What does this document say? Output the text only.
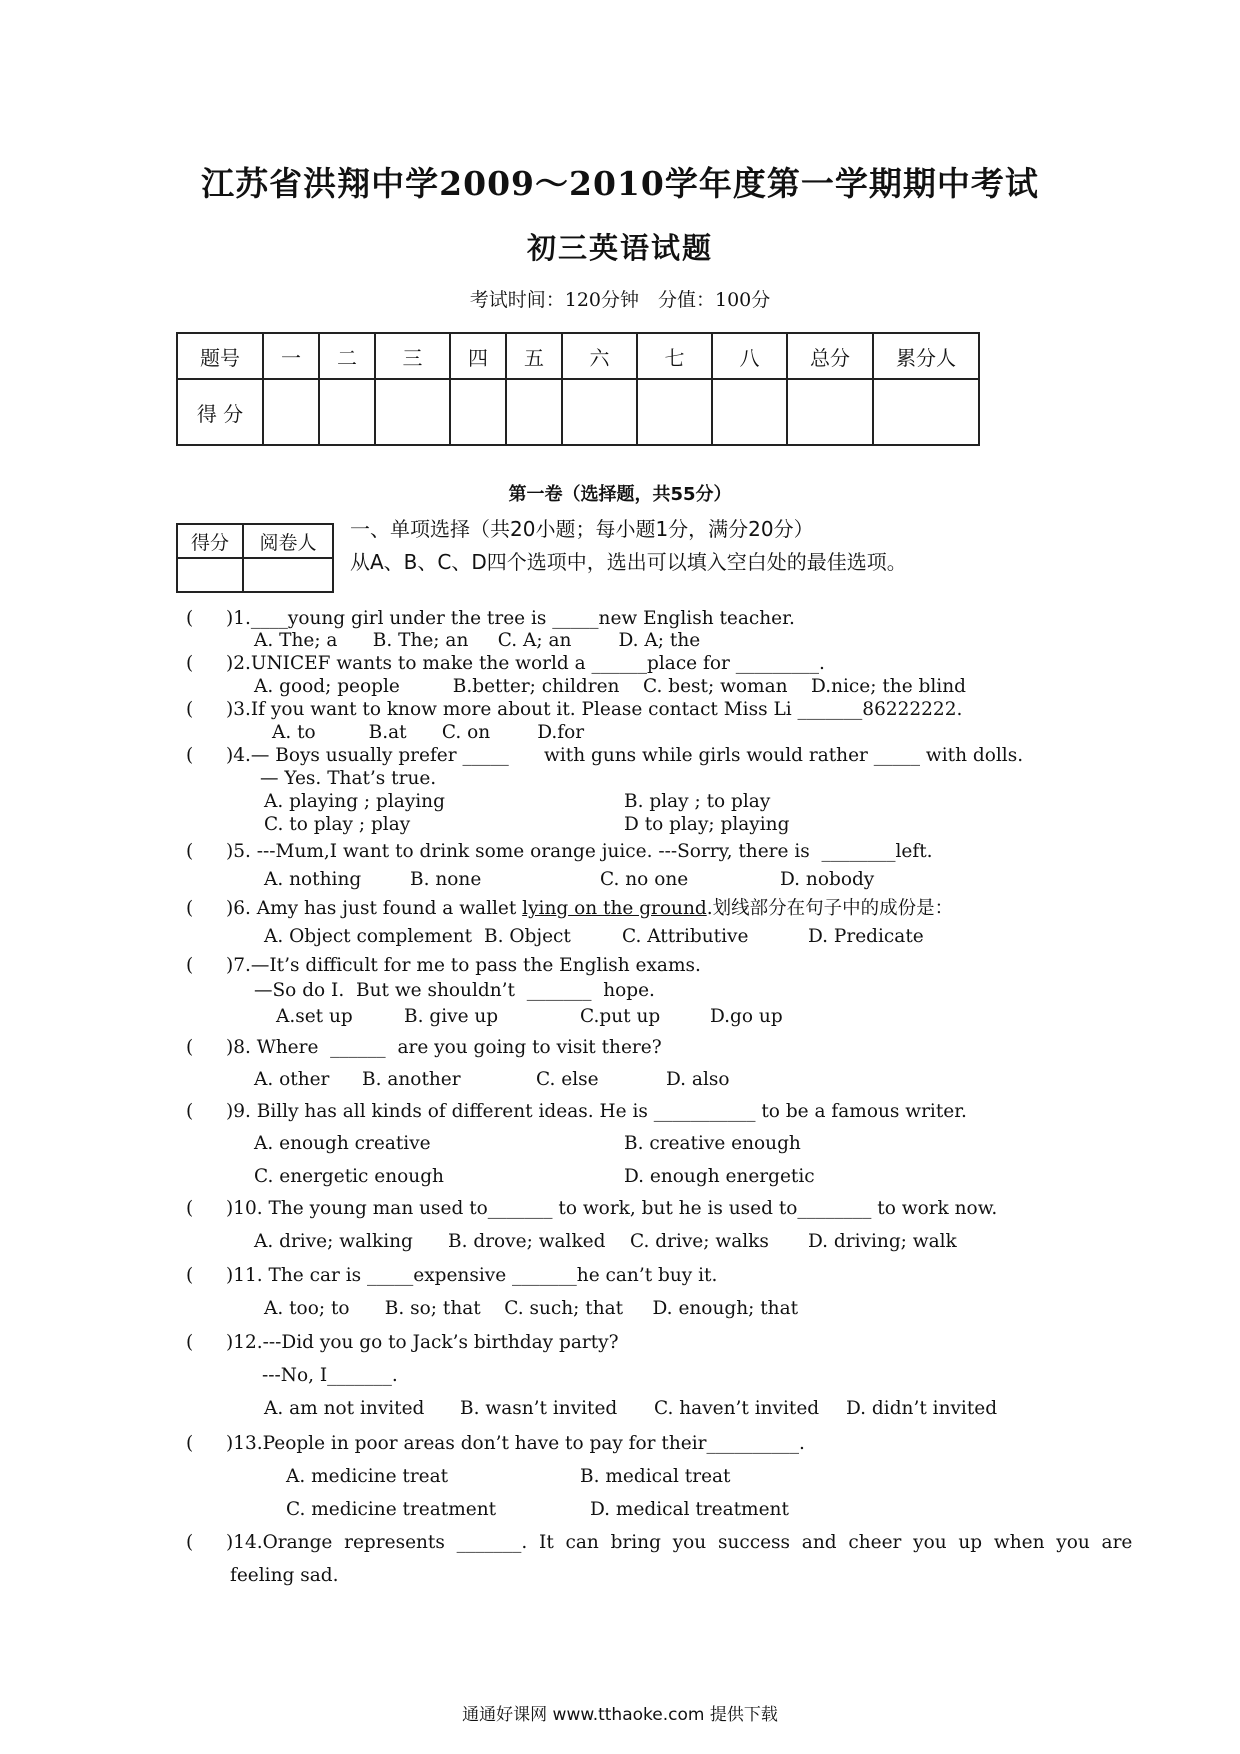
江苏省洪翔中学2009～2010学年度第一学期期中考试
初三英语试题
考试时间：120分钟　分值：100分
题号	一	二	三	四	五	六	七	八	总分	累分人
得 分										
第一卷（选择题，共55分）
得分	阅卷人

一、单项选择（共20小题；每小题1分，满分20分）
从A、B、C、D四个选项中，选出可以填入空白处的最佳选项。
( )1.____young girl under the tree is _____new English teacher.
A. The; a      B. The; an     C. A; an        D. A; the
( )2.UNICEF wants to make the world a ______place for _________.
A. good; people         B.better; children    C. best; woman    D.nice; the blind
( )3.If you want to know more about it. Please contact Miss Li _______86222222.
A. to         B.at      C. on        D.for
( )4.— Boys usually prefer _____      with guns while girls would rather _____ with dolls.
— Yes. That’s true.
A. playing ; playing	B. play ; to play
C. to play ; play	D to play; playing
( )5. ---Mum,I want to drink some orange juice. ---Sorry, there is  ________left.
A. nothing	B. none	C. no one	D. nobody
( )6. Amy has just found a wallet lying on the ground.划线部分在句子中的成份是：
A. Object complement B. Object	C. Attributive	D. Predicate
( )7.—It’s difficult for me to pass the English exams.
—So do I.  But we shouldn’t  _______  hope.
A.set up	B. give up	C.put up	D.go up
( )8. Where  ______  are you going to visit there?
A. other B. another	C. else	D. also
( )9. Billy has all kinds of different ideas. He is ___________ to be a famous writer.
A. enough creative	B. creative enough
C. energetic enough	D. enough energetic
( )10. The young man used to_______ to work, but he is used to________ to work now.
A. drive; walking B. drove; walked C. drive; walks D. driving; walk
( )11. The car is _____expensive _______he can’t buy it.
A. too; to      B. so; that    C. such; that     D. enough; that
( )12.---Did you go to Jack’s birthday party?
---No, I_______.
A. am not invited B. wasn’t invited C. haven’t invited D. didn’t invited
( )13.People in poor areas don’t have to pay for their__________.
A. medicine treat	B. medical treat
C. medicine treatment	D. medical treatment
( )14.Orange  represents  _______.  It  can  bring  you  success  and  cheer  you  up  when  you  are
feeling sad.
通通好课网 www.tthaoke.com 提供下载
